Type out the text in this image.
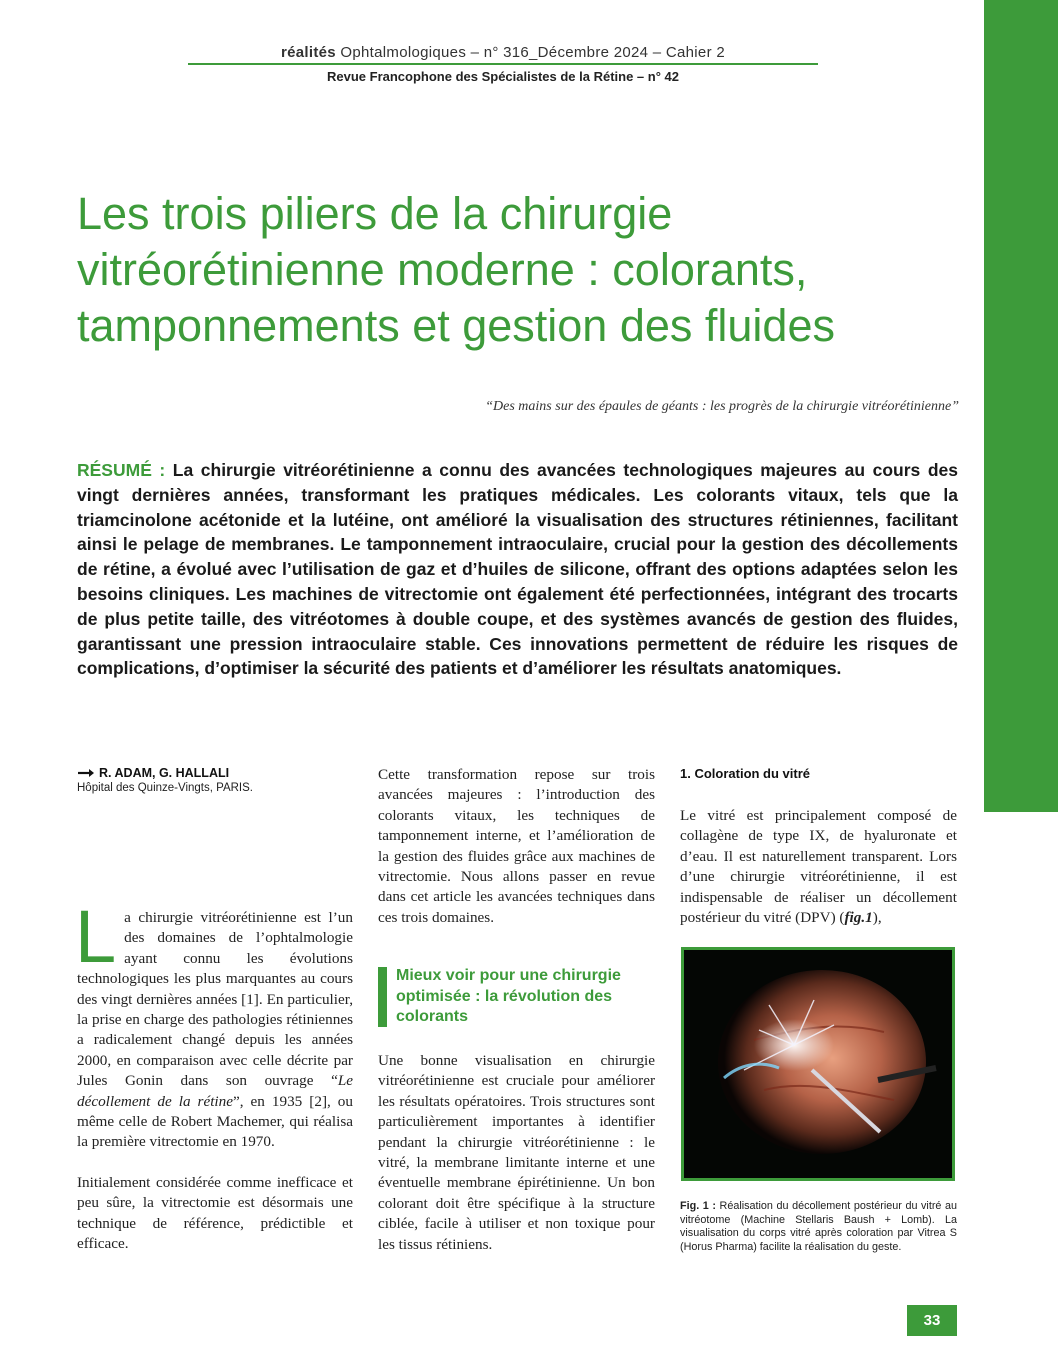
réalités Ophtalmologiques – n° 316_Décembre 2024 – Cahier 2
Revue Francophone des Spécialistes de la Rétine – n° 42
Les trois piliers de la chirurgie vitréorétinienne moderne : colorants, tamponnements et gestion des fluides
“Des mains sur des épaules de géants : les progrès de la chirurgie vitréorétinienne”

RÉSUMÉ : La chirurgie vitréorétinienne a connu des avancées technologiques majeures au cours des vingt dernières années, transformant les pratiques médicales. Les colorants vitaux, tels que la triamcinolone acétonide et la lutéine, ont amélioré la visualisation des structures rétiniennes, facilitant ainsi le pelage de membranes. Le tamponnement intraoculaire, crucial pour la gestion des décollements de rétine, a évolué avec l’utilisation de gaz et d’huiles de silicone, offrant des options adaptées selon les besoins cliniques. Les machines de vitrectomie ont également été perfectionnées, intégrant des trocarts de plus petite taille, des vitréotomes à double coupe, et des systèmes avancés de gestion des fluides, garantissant une pression intraoculaire stable. Ces innovations permettent de réduire les risques de complications, d’optimiser la sécurité des patients et d’améliorer les résultats anatomiques.

R. ADAM, G. HALLALI
Hôpital des Quinze-Vingts, PARIS.

La chirurgie vitréorétinienne est l’un des domaines de l’ophtalmologie ayant connu les évolutions technologiques les plus marquantes au cours des vingt dernières années [1]. En particulier, la prise en charge des pathologies rétiniennes a radicalement changé depuis les années 2000, en comparaison avec celle décrite par Jules Gonin dans son ouvrage “Le décollement de la rétine”, en 1935 [2], ou même celle de Robert Machemer, qui réalisa la première vitrectomie en 1970.

Initialement considérée comme inefficace et peu sûre, la vitrectomie est désormais une technique de référence, prédictible et efficace.

Cette transformation repose sur trois avancées majeures : l’introduction des colorants vitaux, les techniques de tamponnement interne, et l’amélioration de la gestion des fluides grâce aux machines de vitrectomie. Nous allons passer en revue dans cet article les avancées techniques dans ces trois domaines.

Mieux voir pour une chirurgie optimisée : la révolution des colorants

Une bonne visualisation en chirurgie vitréorétinienne est cruciale pour améliorer les résultats opératoires. Trois structures sont particulièrement importantes à identifier pendant la chirurgie vitréorétinienne : le vitré, la membrane limitante interne et une éventuelle membrane épirétinienne. Un bon colorant doit être spécifique à la structure ciblée, facile à utiliser et non toxique pour les tissus rétiniens.

1. Coloration du vitré

Le vitré est principalement composé de collagène de type IX, de hyaluronate et d’eau. Il est naturellement transparent. Lors d’une chirurgie vitréorétinienne, il est indispensable de réaliser un décollement postérieur du vitré (DPV) (fig.1),

Fig. 1 : Réalisation du décollement postérieur du vitré au vitréotome (Machine Stellaris Baush + Lomb). La visualisation du corps vitré après coloration par Vitrea S (Horus Pharma) facilite la réalisation du geste.
33
